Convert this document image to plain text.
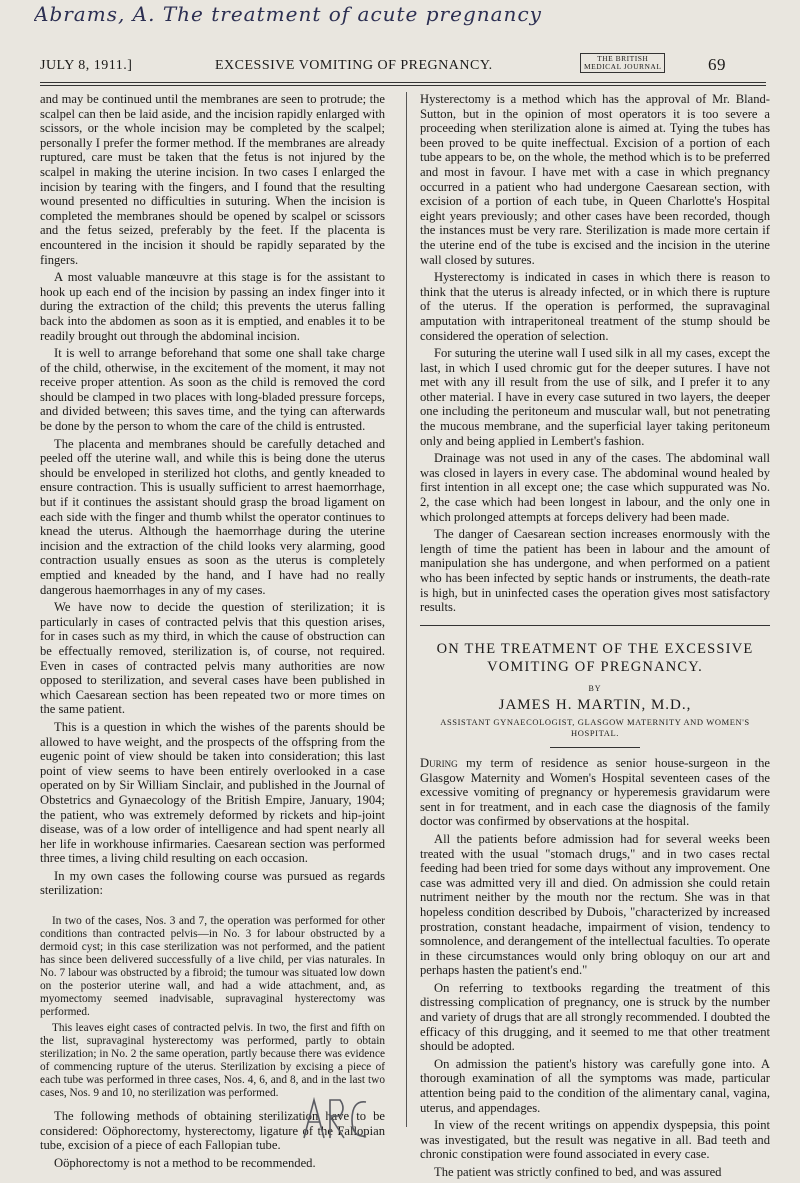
Abrams, A. The treatment of acute pregnancy
JULY 8, 1911.]	EXCESSIVE VOMITING OF PREGNANCY.	THE BRITISH
MEDICAL JOURNAL	69

and may be continued until the membranes are seen to protrude; the scalpel can then be laid aside, and the incision rapidly enlarged with scissors, or the whole incision may be completed by the scalpel; personally I prefer the former method. If the membranes are already ruptured, care must be taken that the fetus is not injured by the scalpel in making the uterine incision. In two cases I enlarged the incision by tearing with the fingers, and I found that the resulting wound presented no difficulties in suturing. When the incision is completed the membranes should be opened by scalpel or scissors and the fetus seized, preferably by the feet. If the placenta is encountered in the incision it should be rapidly separated by the fingers.

A most valuable manœuvre at this stage is for the assistant to hook up each end of the incision by passing an index finger into it during the extraction of the child; this prevents the uterus falling back into the abdomen as soon as it is emptied, and enables it to be readily brought out through the abdominal incision.

It is well to arrange beforehand that some one shall take charge of the child, otherwise, in the excitement of the moment, it may not receive proper attention. As soon as the child is removed the cord should be clamped in two places with long-bladed pressure forceps, and divided between; this saves time, and the tying can afterwards be done by the person to whom the care of the child is entrusted.

The placenta and membranes should be carefully detached and peeled off the uterine wall, and while this is being done the uterus should be enveloped in sterilized hot cloths, and gently kneaded to ensure contraction. This is usually sufficient to arrest haemorrhage, but if it continues the assistant should grasp the broad ligament on each side with the finger and thumb whilst the operator continues to knead the uterus. Although the haemorrhage during the uterine incision and the extraction of the child looks very alarming, good contraction usually ensues as soon as the uterus is completely emptied and kneaded by the hand, and I have had no really dangerous haemorrhages in any of my cases.

We have now to decide the question of sterilization; it is particularly in cases of contracted pelvis that this question arises, for in cases such as my third, in which the cause of obstruction can be effectually removed, sterilization is, of course, not required. Even in cases of contracted pelvis many authorities are now opposed to sterilization, and several cases have been published in which Caesarean section has been repeated two or more times on the same patient.

This is a question in which the wishes of the parents should be allowed to have weight, and the prospects of the offspring from the eugenic point of view should be taken into consideration; this last point of view seems to have been entirely overlooked in a case operated on by Sir William Sinclair, and published in the Journal of Obstetrics and Gynaecology of the British Empire, January, 1904; the patient, who was extremely deformed by rickets and hip-joint disease, was of a low order of intelligence and had spent nearly all her life in workhouse infirmaries. Caesarean section was performed three times, a living child resulting on each occasion.

In my own cases the following course was pursued as regards sterilization:

In two of the cases, Nos. 3 and 7, the operation was performed for other conditions than contracted pelvis—in No. 3 for labour obstructed by a dermoid cyst; in this case sterilization was not performed, and the patient has since been delivered successfully of a live child, per vias naturales. In No. 7 labour was obstructed by a fibroid; the tumour was situated low down on the posterior uterine wall, and had a wide attachment, and, as myomectomy seemed inadvisable, supravaginal hysterectomy was performed.

This leaves eight cases of contracted pelvis. In two, the first and fifth on the list, supravaginal hysterectomy was performed, partly to obtain sterilization; in No. 2 the same operation, partly because there was evidence of commencing rupture of the uterus. Sterilization by excising a piece of each tube was performed in three cases, Nos. 4, 6, and 8, and in the last two cases, Nos. 9 and 10, no sterilization was performed.

The following methods of obtaining sterilization have to be considered: Oöphorectomy, hysterectomy, ligature of the Fallopian tube, excision of a piece of each Fallopian tube.

Oöphorectomy is not a method to be recommended.

Hysterectomy is a method which has the approval of Mr. Bland-Sutton, but in the opinion of most operators it is too severe a proceeding when sterilization alone is aimed at. Tying the tubes has been proved to be quite ineffectual. Excision of a portion of each tube appears to be, on the whole, the method which is to be preferred and most in favour. I have met with a case in which pregnancy occurred in a patient who had undergone Caesarean section, with excision of a portion of each tube, in Queen Charlotte's Hospital eight years previously; and other cases have been recorded, though the instances must be very rare. Sterilization is made more certain if the uterine end of the tube is excised and the incision in the uterine wall closed by sutures.

Hysterectomy is indicated in cases in which there is reason to think that the uterus is already infected, or in which there is rupture of the uterus. If the operation is performed, the supravaginal amputation with intraperitoneal treatment of the stump should be considered the operation of selection.

For suturing the uterine wall I used silk in all my cases, except the last, in which I used chromic gut for the deeper sutures. I have not met with any ill result from the use of silk, and I prefer it to any other material. I have in every case sutured in two layers, the deeper one including the peritoneum and muscular wall, but not penetrating the mucous membrane, and the superficial layer taking peritoneum only and being applied in Lembert's fashion.

Drainage was not used in any of the cases. The abdominal wall was closed in layers in every case. The abdominal wound healed by first intention in all except one; the case which suppurated was No. 2, the case which had been longest in labour, and the only one in which prolonged attempts at forceps delivery had been made.

The danger of Caesarean section increases enormously with the length of time the patient has been in labour and the amount of manipulation she has undergone, and when performed on a patient who has been infected by septic hands or instruments, the death-rate is high, but in uninfected cases the operation gives most satisfactory results.

ON THE TREATMENT OF THE EXCESSIVE VOMITING OF PREGNANCY.
BY
JAMES H. MARTIN, M.D.,
ASSISTANT GYNAECOLOGIST, GLASGOW MATERNITY AND WOMEN'S HOSPITAL.

During my term of residence as senior house-surgeon in the Glasgow Maternity and Women's Hospital seventeen cases of the excessive vomiting of pregnancy or hyperemesis gravidarum were sent in for treatment, and in each case the diagnosis of the family doctor was confirmed by observations at the hospital.

All the patients before admission had for several weeks been treated with the usual "stomach drugs," and in two cases rectal feeding had been tried for some days without any improvement. One case was admitted very ill and died. On admission she could retain nutriment neither by the mouth nor the rectum. She was in that hopeless condition described by Dubois, "characterized by increased prostration, constant headache, impairment of vision, tendency to somnolence, and derangement of the intellectual faculties. To operate in these circumstances would only bring obloquy on our art and perhaps hasten the patient's end."

On referring to textbooks regarding the treatment of this distressing complication of pregnancy, one is struck by the number and variety of drugs that are all strongly recommended. I doubted the efficacy of this drugging, and it seemed to me that other treatment should be adopted.

On admission the patient's history was carefully gone into. A thorough examination of all the symptoms was made, particular attention being paid to the condition of the alimentary canal, vagina, uterus, and appendages.

In view of the recent writings on appendix dyspepsia, this point was investigated, but the result was negative in all. Bad teeth and chronic constipation were found associated in every case.

The patient was strictly confined to bed, and was assured
